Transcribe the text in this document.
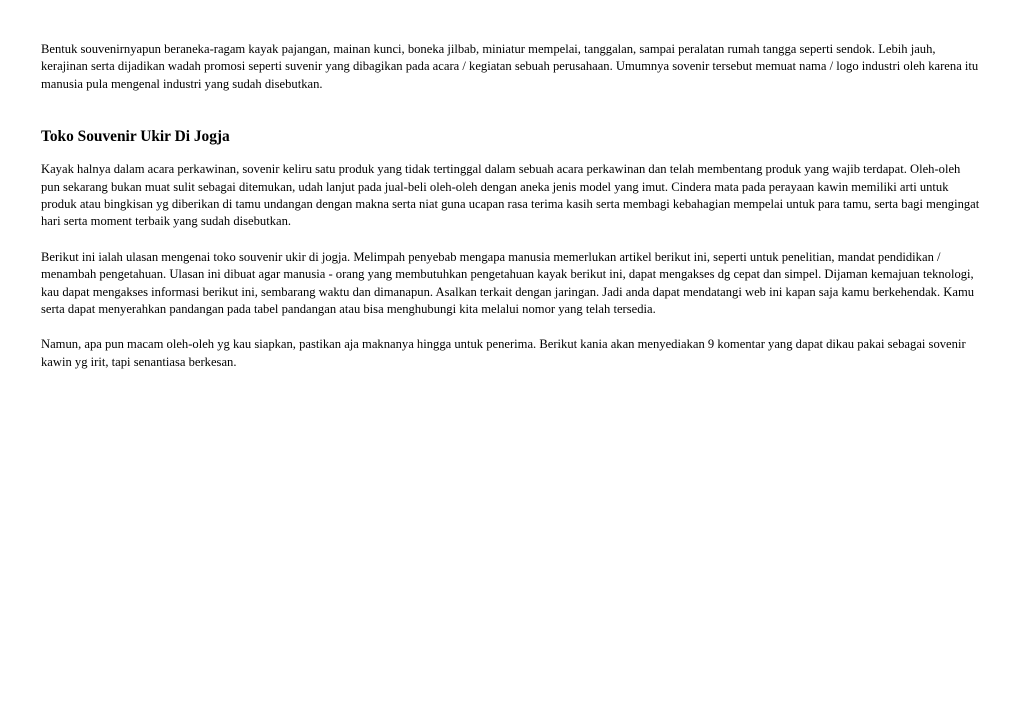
Bentuk souvenirnyapun beraneka-ragam kayak pajangan, mainan kunci, boneka jilbab, miniatur mempelai, tanggalan, sampai peralatan rumah tangga seperti sendok. Lebih jauh, kerajinan serta dijadikan wadah promosi seperti suvenir yang dibagikan pada acara / kegiatan sebuah perusahaan. Umumnya sovenir tersebut memuat nama / logo industri oleh karena itu manusia pula mengenal industri yang sudah disebutkan.

Toko Souvenir Ukir Di Jogja

Kayak halnya dalam acara perkawinan, sovenir keliru satu produk yang tidak tertinggal dalam sebuah acara perkawinan dan telah membentang produk yang wajib terdapat. Oleh-oleh pun sekarang bukan muat sulit sebagai ditemukan, udah lanjut pada jual-beli oleh-oleh dengan aneka jenis model yang imut. Cindera mata pada perayaan kawin memiliki arti untuk produk atau bingkisan yg diberikan di tamu undangan dengan makna serta niat guna ucapan rasa terima kasih serta membagi kebahagian mempelai untuk para tamu, serta bagi mengingat hari serta moment terbaik yang sudah disebutkan.

Berikut ini ialah ulasan mengenai toko souvenir ukir di jogja. Melimpah penyebab mengapa manusia memerlukan artikel berikut ini, seperti untuk penelitian, mandat pendidikan / menambah pengetahuan. Ulasan ini dibuat agar manusia - orang yang membutuhkan pengetahuan kayak berikut ini, dapat mengakses dg cepat dan simpel. Dijaman kemajuan teknologi, kau dapat mengakses informasi berikut ini, sembarang waktu dan dimanapun. Asalkan terkait dengan jaringan. Jadi anda dapat mendatangi web ini kapan saja kamu berkehendak. Kamu serta dapat menyerahkan pandangan pada tabel pandangan atau bisa menghubungi kita melalui nomor yang telah tersedia.

Namun, apa pun macam oleh-oleh yg kau siapkan, pastikan aja maknanya hingga untuk penerima. Berikut kania akan menyediakan 9 komentar yang dapat dikau pakai sebagai sovenir kawin yg irit, tapi senantiasa berkesan.
